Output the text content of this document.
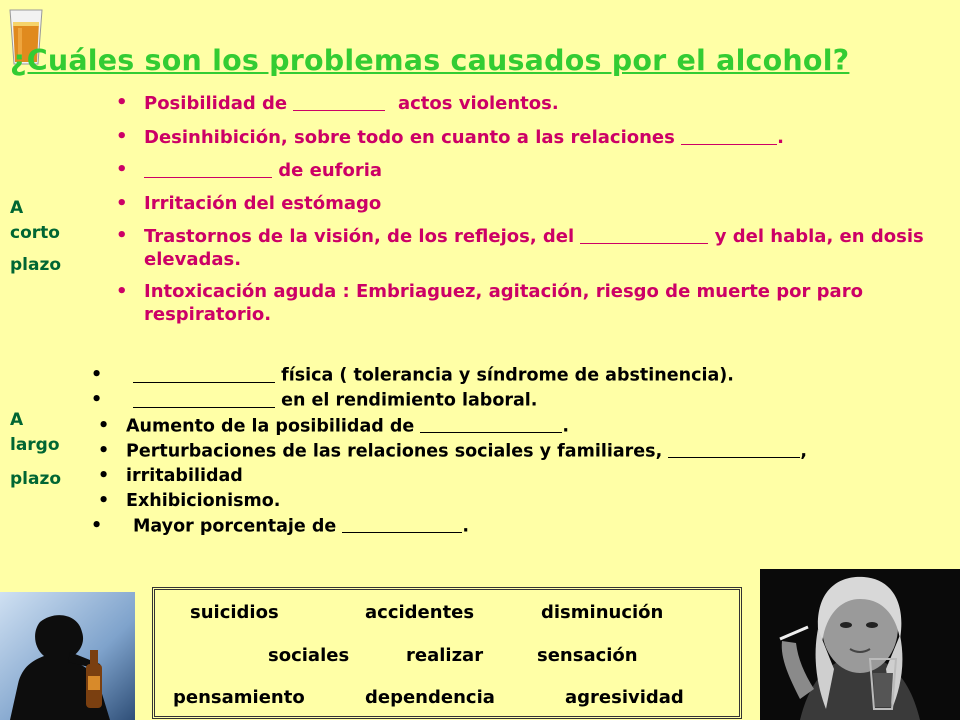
¿Cuáles son los problemas causados por el alcohol?
A
corto
plazo
• Posibilidad de	actos violentos.
• Desinhibición, sobre todo en cuanto a las relaciones	.
•	de euforia
• Irritación del estómago
• Trastornos de la visión, de los reflejos, del	y del habla, en dosis elevadas.
• Intoxicación aguda : Embriaguez, agitación, riesgo de muerte por paro respiratorio.
A
largo
plazo
•	física ( tolerancia y síndrome de abstinencia).
•	en el rendimiento laboral.
• Aumento de la posibilidad de	.
• Perturbaciones de las relaciones sociales y familiares,	,
• irritabilidad
• Exhibicionismo.
• Mayor porcentaje de	.
suicidios	accidentes	disminución
sociales	realizar	sensación
pensamiento	dependencia	agresividad
